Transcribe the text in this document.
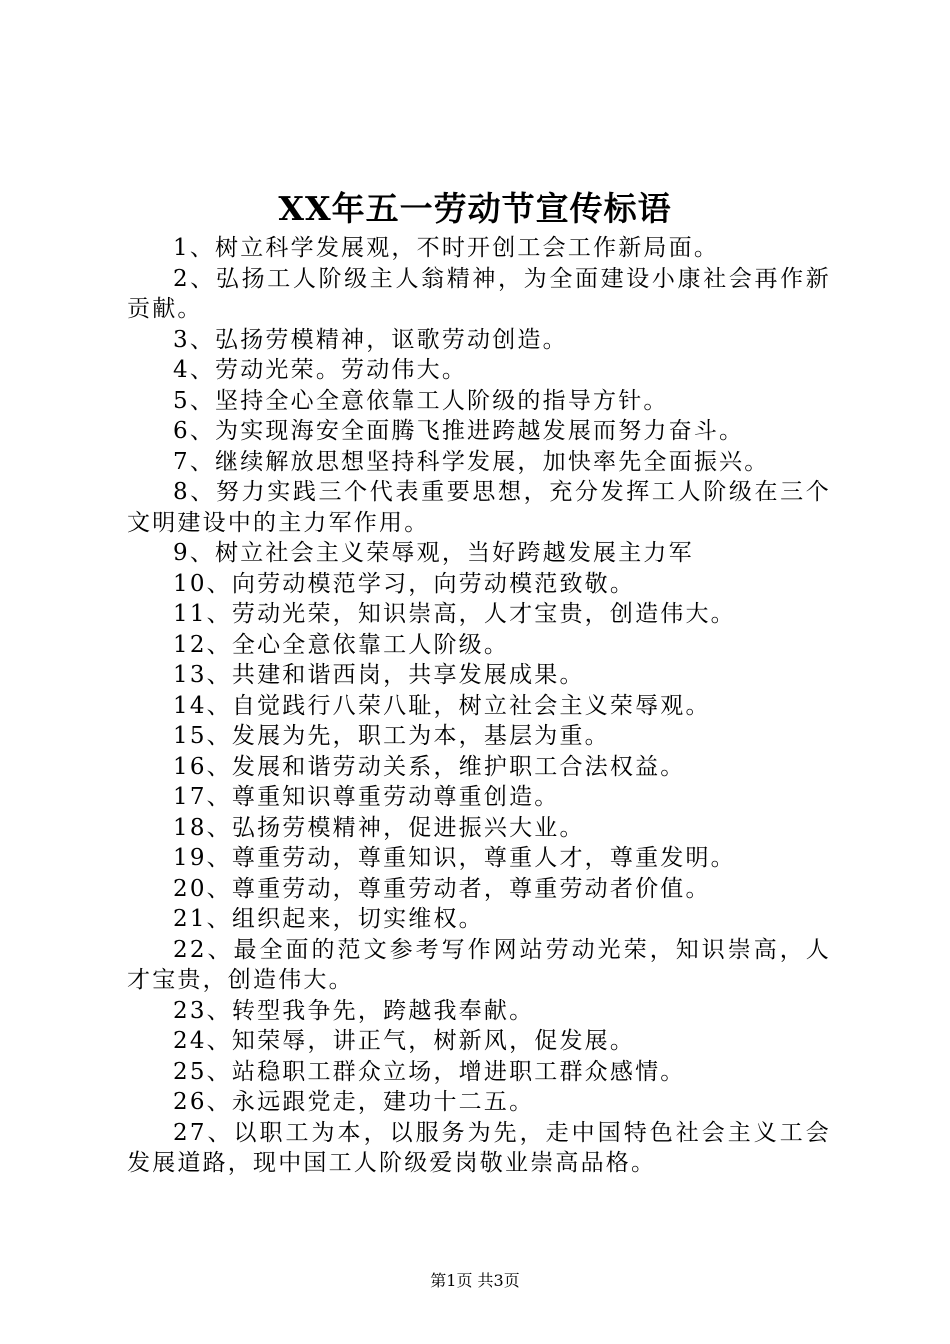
XX年五一劳动节宣传标语

1、树立科学发展观，不时开创工会工作新局面。

2、弘扬工人阶级主人翁精神，为全面建设小康社会再作新贡献。

3、弘扬劳模精神，讴歌劳动创造。

4、劳动光荣。劳动伟大。

5、坚持全心全意依靠工人阶级的指导方针。

6、为实现海安全面腾飞推进跨越发展而努力奋斗。

7、继续解放思想坚持科学发展，加快率先全面振兴。

8、努力实践三个代表重要思想，充分发挥工人阶级在三个文明建设中的主力军作用。

9、树立社会主义荣辱观，当好跨越发展主力军

10、向劳动模范学习，向劳动模范致敬。

11、劳动光荣，知识崇高，人才宝贵，创造伟大。

12、全心全意依靠工人阶级。

13、共建和谐西岗，共享发展成果。

14、自觉践行八荣八耻，树立社会主义荣辱观。

15、发展为先，职工为本，基层为重。

16、发展和谐劳动关系，维护职工合法权益。

17、尊重知识尊重劳动尊重创造。

18、弘扬劳模精神，促进振兴大业。

19、尊重劳动，尊重知识，尊重人才，尊重发明。

20、尊重劳动，尊重劳动者，尊重劳动者价值。

21、组织起来，切实维权。

22、最全面的范文参考写作网站劳动光荣，知识崇高，人才宝贵，创造伟大。

23、转型我争先，跨越我奉献。

24、知荣辱，讲正气，树新风，促发展。

25、站稳职工群众立场，增进职工群众感情。

26、永远跟党走，建功十二五。

27、以职工为本，以服务为先，走中国特色社会主义工会发展道路，现中国工人阶级爱岗敬业崇高品格。

第1页 共3页
